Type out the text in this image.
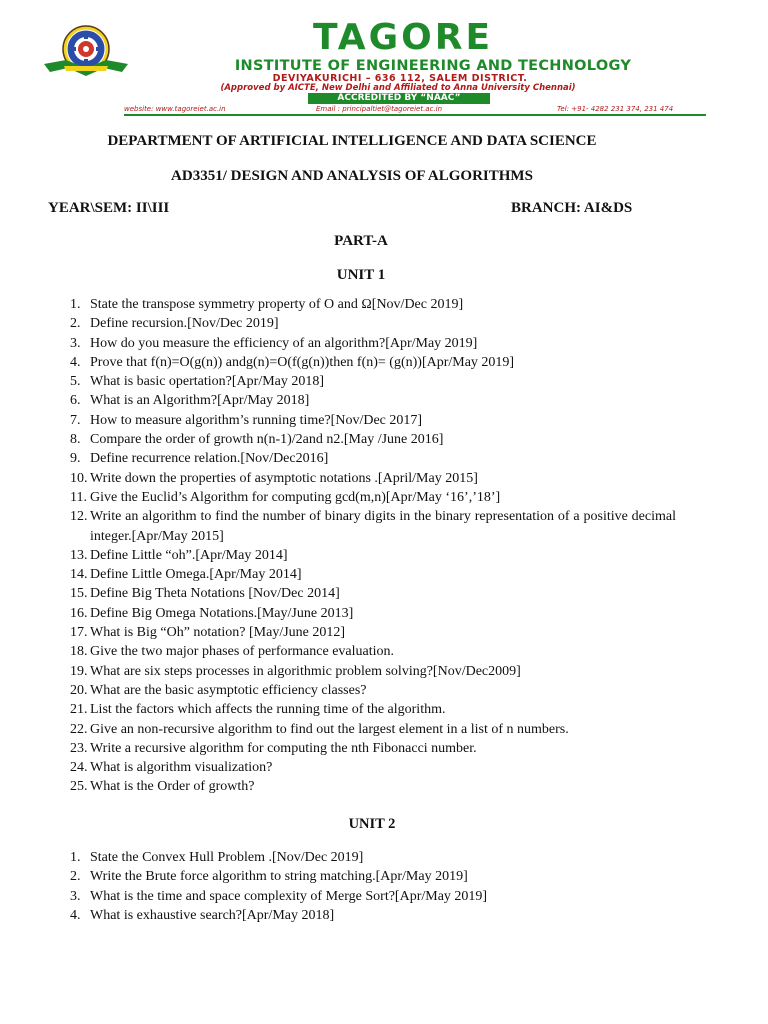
TAGORE
INSTITUTE OF ENGINEERING AND TECHNOLOGY
DEVIYAKURICHI – 636 112, SALEM DISTRICT.
(Approved by AICTE, New Delhi and Affiliated to Anna University Chennai)
ACCREDITED BY “NAAC”
website: www.tagoreiet.ac.in	Email : principaltiet@tagoreiet.ac.in	Tel: +91- 4282 231 374, 231 474
DEPARTMENT OF ARTIFICIAL INTELLIGENCE AND DATA SCIENCE
AD3351/ DESIGN AND ANALYSIS OF ALGORITHMS
YEAR\SEM: II\III	BRANCH: AI&DS
PART-A
UNIT 1
1. State the transpose symmetry property of O and Ω[Nov/Dec 2019]
2. Define recursion.[Nov/Dec 2019]
3. How do you measure the efficiency of an algorithm?[Apr/May 2019]
4. Prove that f(n)=O(g(n)) andg(n)=O(f(g(n))then f(n)= (g(n))[Apr/May 2019]
5. What is basic opertation?[Apr/May 2018]
6. What is an Algorithm?[Apr/May 2018]
7. How to measure algorithm’s running time?[Nov/Dec 2017]
8. Compare the order of growth n(n-1)/2and n2.[May /June 2016]
9. Define recurrence relation.[Nov/Dec2016]
10. Write down the properties of asymptotic notations .[April/May 2015]
11. Give the Euclid’s Algorithm for computing gcd(m,n)[Apr/May ‘16’,’18’]
12. Write an algorithm to find the number of binary digits in the binary representation of a positive decimal integer.[Apr/May 2015]
13. Define Little “oh”.[Apr/May 2014]
14. Define Little Omega.[Apr/May 2014]
15. Define Big Theta Notations [Nov/Dec 2014]
16. Define Big Omega Notations.[May/June 2013]
17. What is Big “Oh” notation? [May/June 2012]
18. Give the two major phases of performance evaluation.
19. What are six steps processes in algorithmic problem solving?[Nov/Dec2009]
20. What are the basic asymptotic efficiency classes?
21. List the factors which affects the running time of the algorithm.
22. Give an non-recursive algorithm to find out the largest element in a list of n numbers.
23. Write a recursive algorithm for computing the nth Fibonacci number.
24. What is algorithm visualization?
25. What is the Order of growth?
UNIT 2
1. State the Convex Hull Problem .[Nov/Dec 2019]
2. Write the Brute force algorithm to string matching.[Apr/May 2019]
3. What is the time and space complexity of Merge Sort?[Apr/May 2019]
4. What is exhaustive search?[Apr/May 2018]
